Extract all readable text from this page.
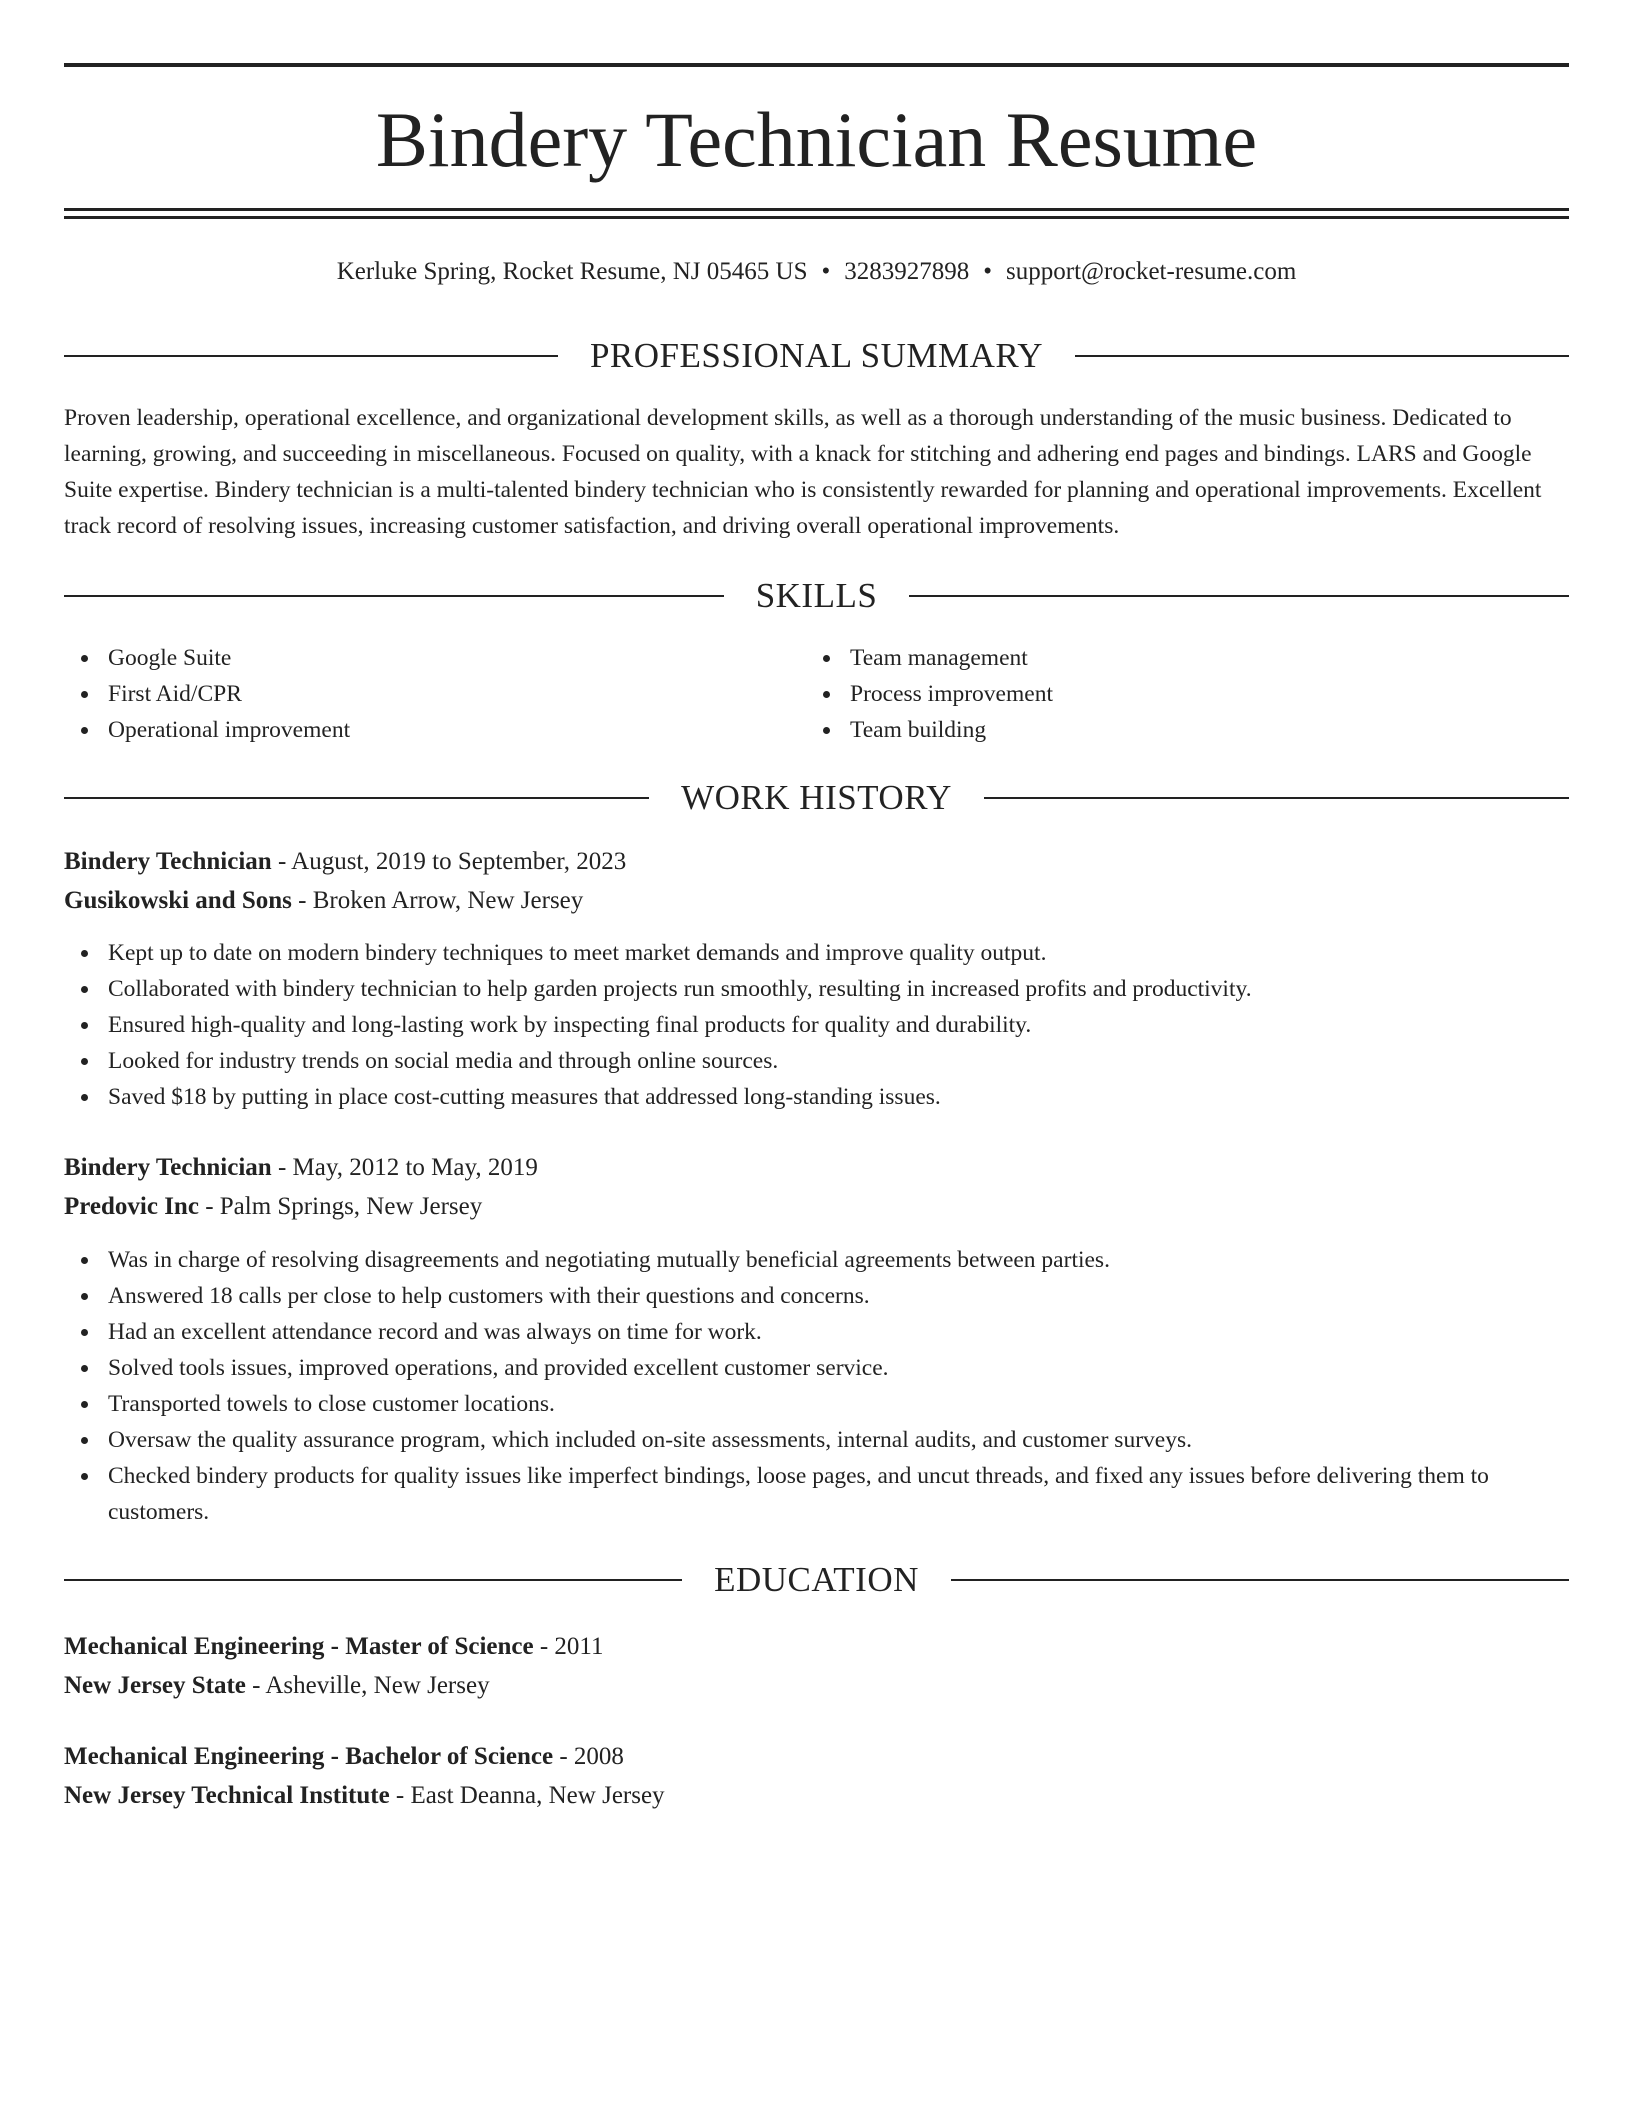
Bindery Technician Resume
Kerluke Spring, Rocket Resume, NJ 05465 US • 3283927898 • support@rocket-resume.com
PROFESSIONAL SUMMARY

Proven leadership, operational excellence, and organizational development skills, as well as a thorough understanding of the music business. Dedicated to learning, growing, and succeeding in miscellaneous. Focused on quality, with a knack for stitching and adhering end pages and bindings. LARS and Google Suite expertise. Bindery technician is a multi-talented bindery technician who is consistently rewarded for planning and operational improvements. Excellent track record of resolving issues, increasing customer satisfaction, and driving overall operational improvements.

SKILLS
Google Suite
First Aid/CPR
Operational improvement
Team management
Process improvement
Team building
WORK HISTORY
Bindery Technician - August, 2019 to September, 2023
Gusikowski and Sons - Broken Arrow, New Jersey
Kept up to date on modern bindery techniques to meet market demands and improve quality output.
Collaborated with bindery technician to help garden projects run smoothly, resulting in increased profits and productivity.
Ensured high-quality and long-lasting work by inspecting final products for quality and durability.
Looked for industry trends on social media and through online sources.
Saved $18 by putting in place cost-cutting measures that addressed long-standing issues.
Bindery Technician - May, 2012 to May, 2019
Predovic Inc - Palm Springs, New Jersey
Was in charge of resolving disagreements and negotiating mutually beneficial agreements between parties.
Answered 18 calls per close to help customers with their questions and concerns.
Had an excellent attendance record and was always on time for work.
Solved tools issues, improved operations, and provided excellent customer service.
Transported towels to close customer locations.
Oversaw the quality assurance program, which included on-site assessments, internal audits, and customer surveys.
Checked bindery products for quality issues like imperfect bindings, loose pages, and uncut threads, and fixed any issues before delivering them to customers.
EDUCATION
Mechanical Engineering - Master of Science - 2011
New Jersey State - Asheville, New Jersey
Mechanical Engineering - Bachelor of Science - 2008
New Jersey Technical Institute - East Deanna, New Jersey
